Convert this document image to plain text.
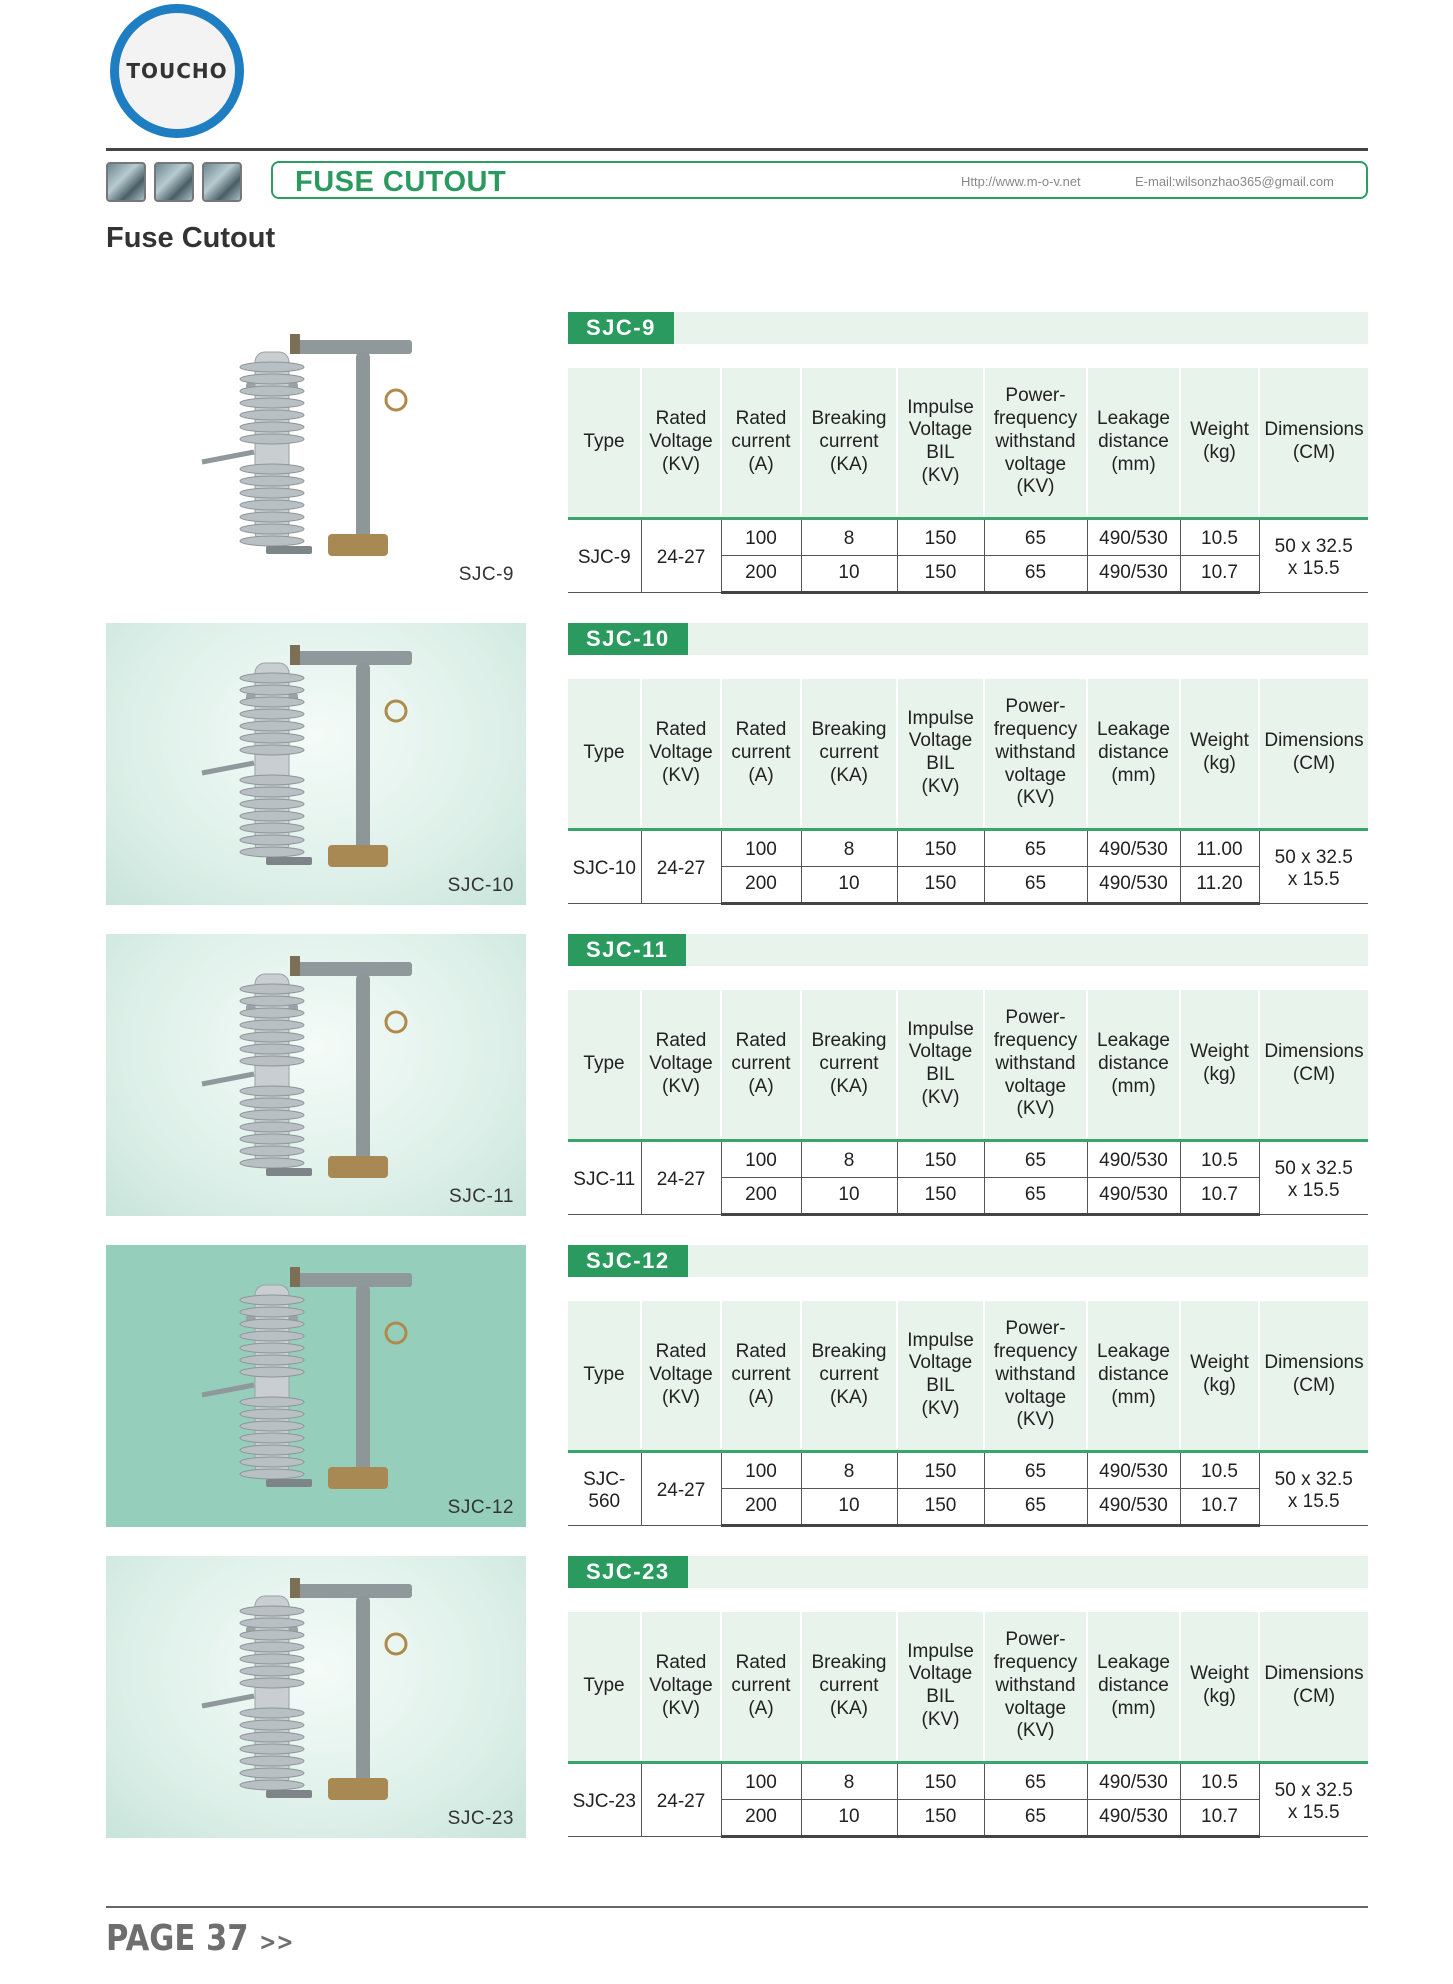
TOUCHO
FUSE CUTOUT	Http://www.m-o-v.net	E-mail:wilsonzhao365@gmail.com
Fuse Cutout
SJC-9
SJC-9
Type	Rated
Voltage
(KV)	Rated
current
(A)	Breaking
current
(KA)	Impulse
Voltage
BIL
(KV)	Power-
frequency
withstand
voltage
(KV)	Leakage
distance
(mm)	Weight
(kg)	Dimensions
(CM)
SJC-9	24-27	100	8	150	65	490/530	10.5	50 x 32.5
x 15.5
		200	10	150	65	490/530	10.7	
SJC-10
SJC-10
Type	Rated
Voltage
(KV)	Rated
current
(A)	Breaking
current
(KA)	Impulse
Voltage
BIL
(KV)	Power-
frequency
withstand
voltage
(KV)	Leakage
distance
(mm)	Weight
(kg)	Dimensions
(CM)
SJC-10	24-27	100	8	150	65	490/530	11.00	50 x 32.5
x 15.5
		200	10	150	65	490/530	11.20	
SJC-11
SJC-11
Type	Rated
Voltage
(KV)	Rated
current
(A)	Breaking
current
(KA)	Impulse
Voltage
BIL
(KV)	Power-
frequency
withstand
voltage
(KV)	Leakage
distance
(mm)	Weight
(kg)	Dimensions
(CM)
SJC-11	24-27	100	8	150	65	490/530	10.5	50 x 32.5
x 15.5
		200	10	150	65	490/530	10.7	
SJC-12
SJC-12
Type	Rated
Voltage
(KV)	Rated
current
(A)	Breaking
current
(KA)	Impulse
Voltage
BIL
(KV)	Power-
frequency
withstand
voltage
(KV)	Leakage
distance
(mm)	Weight
(kg)	Dimensions
(CM)
SJC-560	24-27	100	8	150	65	490/530	10.5	50 x 32.5
x 15.5
		200	10	150	65	490/530	10.7	
SJC-23
SJC-23
Type	Rated
Voltage
(KV)	Rated
current
(A)	Breaking
current
(KA)	Impulse
Voltage
BIL
(KV)	Power-
frequency
withstand
voltage
(KV)	Leakage
distance
(mm)	Weight
(kg)	Dimensions
(CM)
SJC-23	24-27	100	8	150	65	490/530	10.5	50 x 32.5
x 15.5
		200	10	150	65	490/530	10.7	
PAGE 37 >>
